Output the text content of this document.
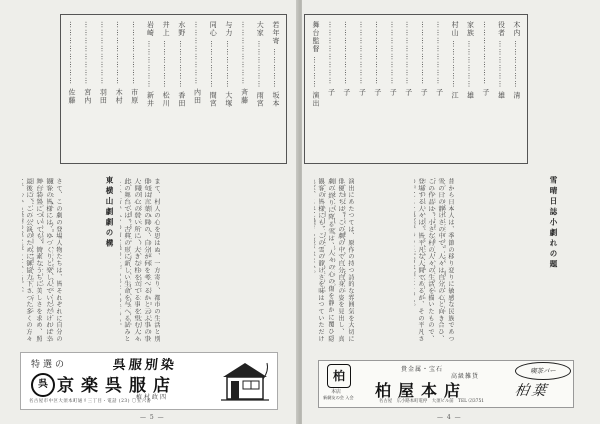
若年寄 …………… 坂本
大家 ……………… 雨宮
…………………… 斉藤
与力 ……………… 大塚
同心 ……………… 間宮
…………………… 内田
水野 ……………… 香田
井上 ……………… 松川
岩崎 ……………… 新井
…………………… 市原
…………………… 木村
…………………… 羽田
…………………… 宮内
…………………… 佐藤
東横山劇劇の構
さて、この劇の登場人物たちは、皆それぞれに自分の
観客の皆様には、ゆつくりと楽しんでいただければ幸
舞台装置についても、簡素なうちに美しさを求め、照
最後に、この公演のために御協力下さつた多くの方々
まて、村人の心を思はぬ、一方寄り、都市の生活と別
俳句は言葉の間の、自分が何を考へるかと云ふ事の事
人間の心の弱い所に、大きな柱を立てる事を望む人々
此の舞台では、古典の形に新しい生命を与へる試みと
特選の	呉服別染
呉 京楽呉服店
植村政四
名古屋市中区大須本町通リ三丁目・電話 (23) 〇五六番
— 5 —
雪晴日誌小劇れの題
演出にあたつては、原作の持つ詩的な雰囲気を大切に
俳優たちは、この劇の中で自分自身の姿を見出し、真
劇の終りに降る雪は、人々の心の傷を静かに覆ひ隠
観客の皆様にも、この雪の静けさを味はつていただけ
昔から日本人は、季節の移り変りに敏感な民族であつ
雪の日の静けさの中で、人々は自分の心と向き合ひ、
この作品は、小さな村の人々の生活を描いたもので、
登場する人々は、皆平凡な人間であるが、その平凡さ
— 4 —
木内 ……………… 清
役者 ……………… 雄
…………………… 子
家族 ……………… 雄
村山 ……………… 江
…………………… 子
…………………… 子
…………………… 子
…………………… 子
…………………… 子
…………………… 子
…………………… 子
…………………… 子
舞台監督 ………… 演出
柏
本店
新劇友の会 入会
貴金属・宝石
高級雑貨
柏屋本店
名古屋　広小路本町電停　大須ビル前　TEL ⑵3751
喫茶バー
柏葉
